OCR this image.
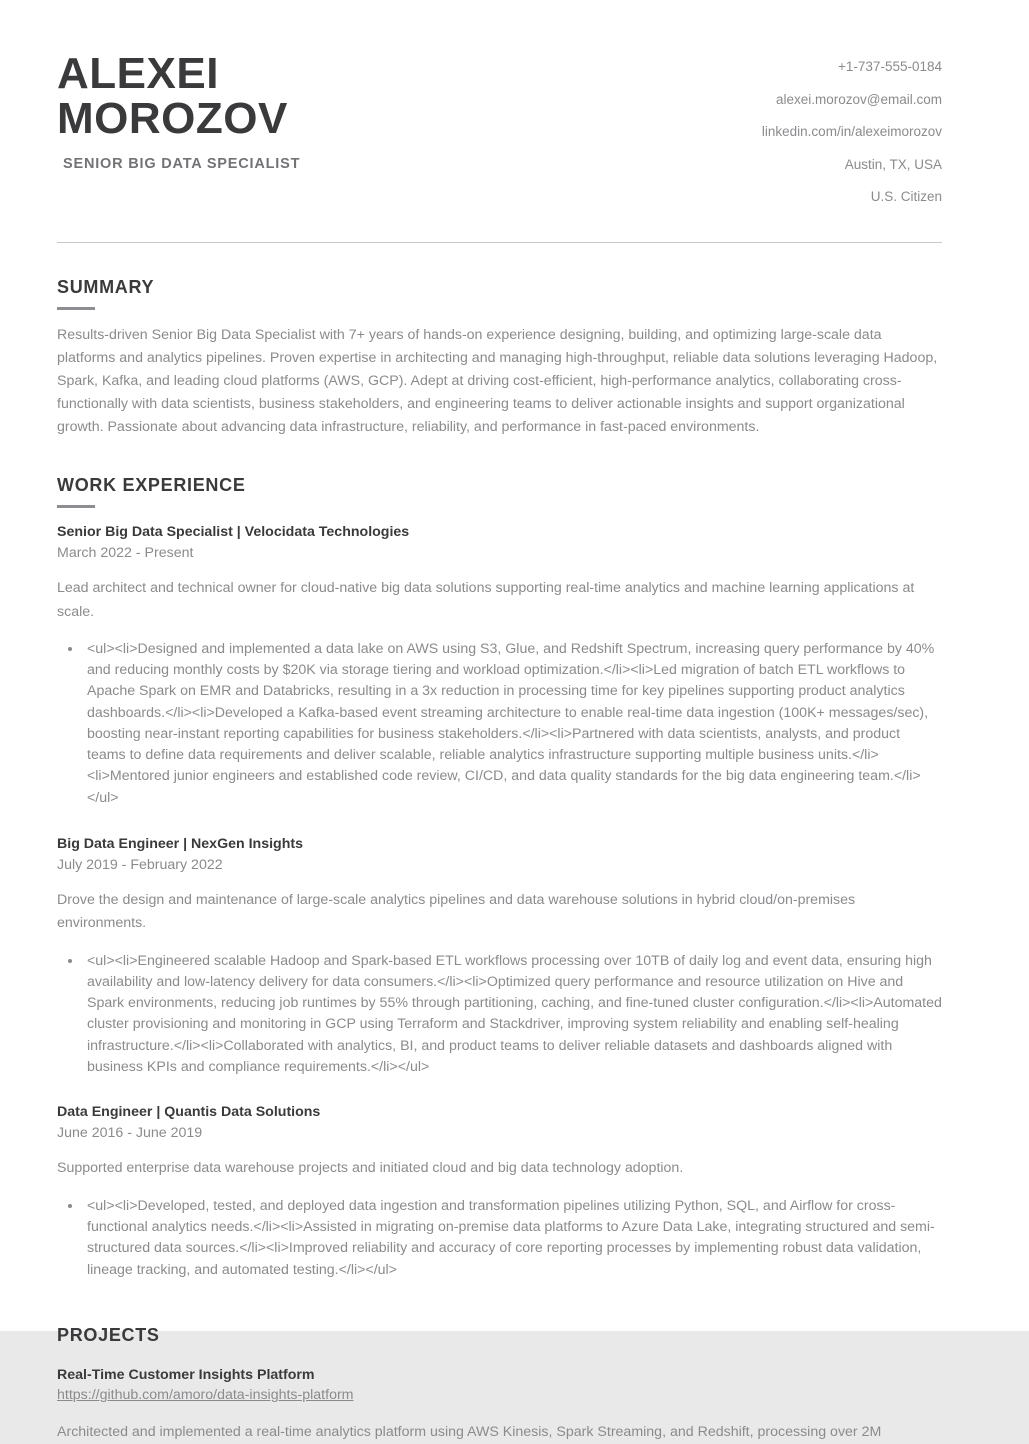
ALEXEI
MOROZOV
SENIOR BIG DATA SPECIALIST
+1-737-555-0184
alexei.morozov@email.com
linkedin.com/in/alexeimorozov
Austin, TX, USA
U.S. Citizen
SUMMARY

Results-driven Senior Big Data Specialist with 7+ years of hands-on experience designing, building, and optimizing large-scale data platforms and analytics pipelines. Proven expertise in architecting and managing high-throughput, reliable data solutions leveraging Hadoop, Spark, Kafka, and leading cloud platforms (AWS, GCP). Adept at driving cost-efficient, high-performance analytics, collaborating cross-functionally with data scientists, business stakeholders, and engineering teams to deliver actionable insights and support organizational growth. Passionate about advancing data infrastructure, reliability, and performance in fast-paced environments.

WORK EXPERIENCE
Senior Big Data Specialist | Velocidata Technologies
March 2022 - Present
Lead architect and technical owner for cloud-native big data solutions supporting real-time analytics and machine learning applications at scale.
• <ul><li>Designed and implemented a data lake on AWS using S3, Glue, and Redshift Spectrum, increasing query performance by 40% and reducing monthly costs by $20K via storage tiering and workload optimization.</li><li>Led migration of batch ETL workflows to Apache Spark on EMR and Databricks, resulting in a 3x reduction in processing time for key pipelines supporting product analytics dashboards.</li><li>Developed a Kafka-based event streaming architecture to enable real-time data ingestion (100K+ messages/sec), boosting near-instant reporting capabilities for business stakeholders.</li><li>Partnered with data scientists, analysts, and product teams to define data requirements and deliver scalable, reliable analytics infrastructure supporting multiple business units.</li><li>Mentored junior engineers and established code review, CI/CD, and data quality standards for the big data engineering team.</li></ul>
Big Data Engineer | NexGen Insights
July 2019 - February 2022
Drove the design and maintenance of large-scale analytics pipelines and data warehouse solutions in hybrid cloud/on-premises environments.
• <ul><li>Engineered scalable Hadoop and Spark-based ETL workflows processing over 10TB of daily log and event data, ensuring high availability and low-latency delivery for data consumers.</li><li>Optimized query performance and resource utilization on Hive and Spark environments, reducing job runtimes by 55% through partitioning, caching, and fine-tuned cluster configuration.</li><li>Automated cluster provisioning and monitoring in GCP using Terraform and Stackdriver, improving system reliability and enabling self-healing infrastructure.</li><li>Collaborated with analytics, BI, and product teams to deliver reliable datasets and dashboards aligned with business KPIs and compliance requirements.</li></ul>
Data Engineer | Quantis Data Solutions
June 2016 - June 2019
Supported enterprise data warehouse projects and initiated cloud and big data technology adoption.
• <ul><li>Developed, tested, and deployed data ingestion and transformation pipelines utilizing Python, SQL, and Airflow for cross-functional analytics needs.</li><li>Assisted in migrating on-premise data platforms to Azure Data Lake, integrating structured and semi-structured data sources.</li><li>Improved reliability and accuracy of core reporting processes by implementing robust data validation, lineage tracking, and automated testing.</li></ul>
PROJECTS
Real-Time Customer Insights Platform
https://github.com/amoro/data-insights-platform
Architected and implemented a real-time analytics platform using AWS Kinesis, Spark Streaming, and Redshift, processing over 2M
